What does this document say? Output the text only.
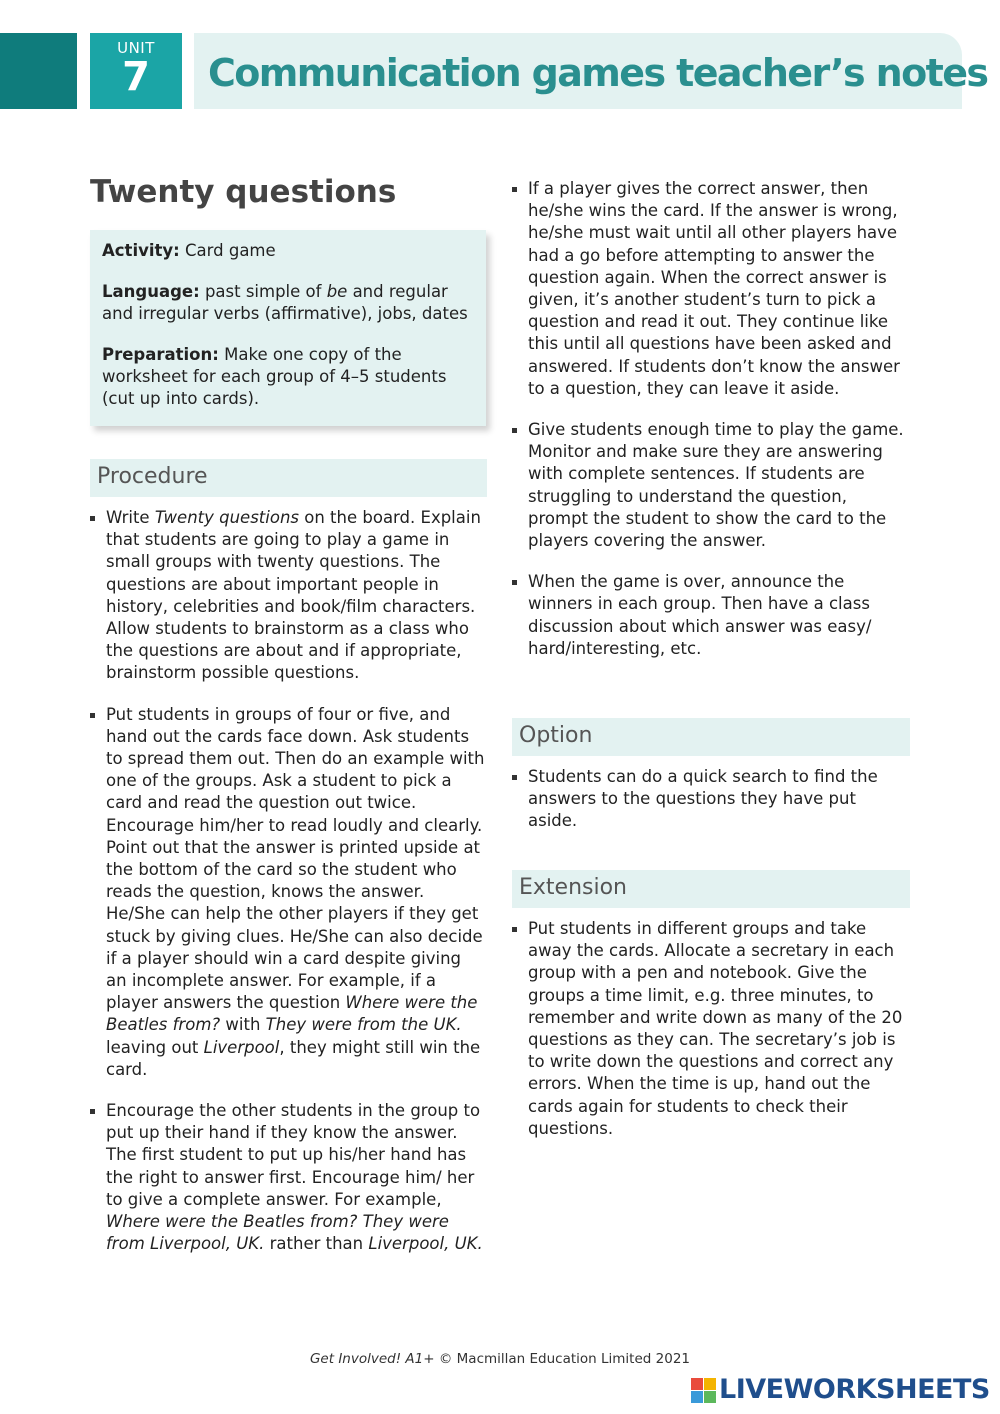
UNIT
7	Communication games teacher’s notes
Twenty questions

Activity: Card game

Language: past simple of be and regular and irregular verbs (affirmative), jobs, dates

Preparation: Make one copy of the worksheet for each group of 4–5 students (cut up into cards).

Procedure
Write Twenty questions on the board. Explain that students are going to play a game in small groups with twenty questions. The questions are about important people in history, celebrities and book/film characters. Allow students to brainstorm as a class who the questions are about and if appropriate, brainstorm possible questions.
Put students in groups of four or five, and hand out the cards face down. Ask students to spread them out. Then do an example with one of the groups. Ask a student to pick a card and read the question out twice. Encourage him/her to read loudly and clearly. Point out that the answer is printed upside at the bottom of the card so the student who reads the question, knows the answer. He/She can help the other players if they get stuck by giving clues. He/She can also decide if a player should win a card despite giving an incomplete answer. For example, if a player answers the question Where were the Beatles from? with They were from the UK. leaving out Liverpool, they might still win the card.
Encourage the other students in the group to put up their hand if they know the answer. The first student to put up his/her hand has the right to answer first. Encourage him/ her to give a complete answer. For example, Where were the Beatles from? They were from Liverpool, UK. rather than Liverpool, UK.
If a player gives the correct answer, then he/she wins the card. If the answer is wrong, he/she must wait until all other players have had a go before attempting to answer the question again. When the correct answer is given, it’s another student’s turn to pick a question and read it out. They continue like this until all questions have been asked and answered. If students don’t know the answer to a question, they can leave it aside.
Give students enough time to play the game. Monitor and make sure they are answering with complete sentences. If students are struggling to understand the question, prompt the student to show the card to the players covering the answer.
When the game is over, announce the winners in each group. Then have a class discussion about which answer was easy/ hard/interesting, etc.
Option
Students can do a quick search to find the answers to the questions they have put aside.
Extension
Put students in different groups and take away the cards. Allocate a secretary in each group with a pen and notebook. Give the groups a time limit, e.g. three minutes, to remember and write down as many of the 20 questions as they can. The secretary’s job is to write down the questions and correct any errors. When the time is up, hand out the cards again for students to check their questions.
Get Involved! A1+ © Macmillan Education Limited 2021
LIVEWORKSHEETS
